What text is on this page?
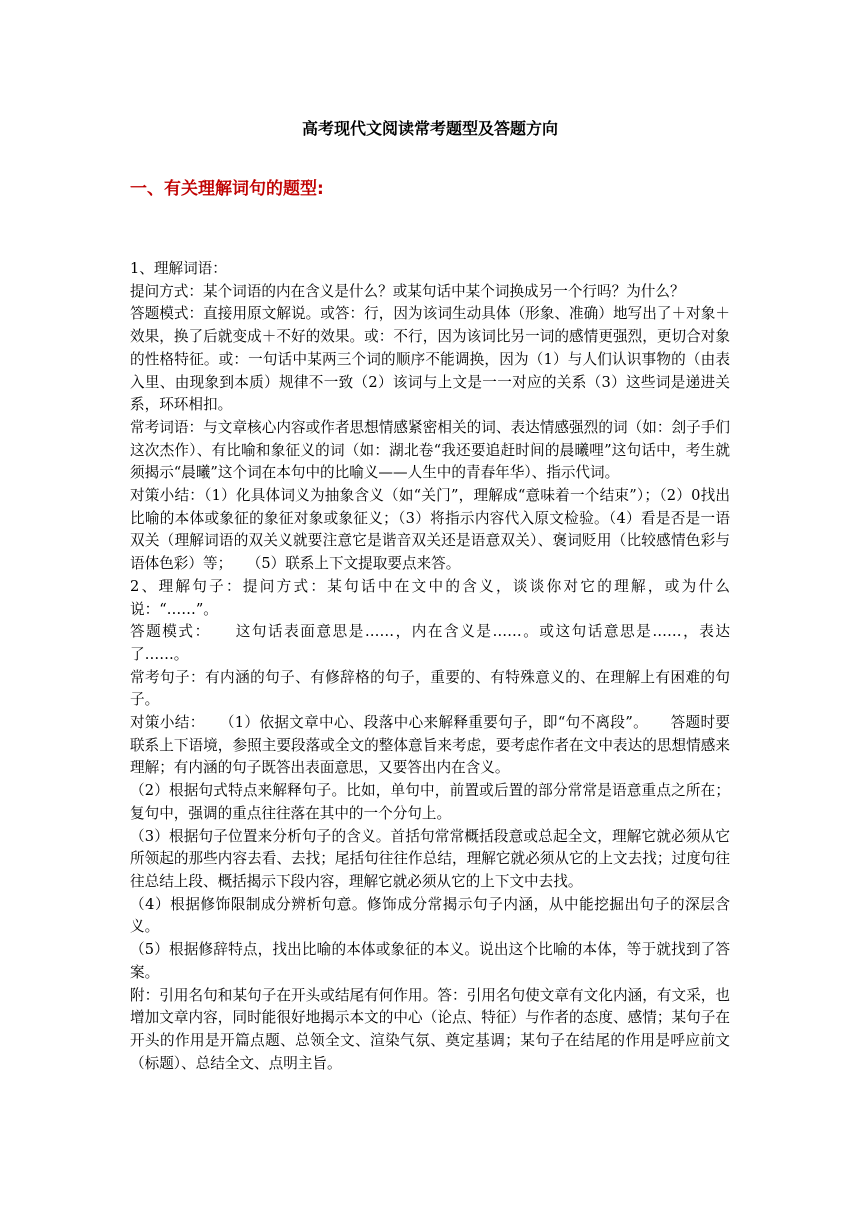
高考现代文阅读常考题型及答题方向
一、有关理解词句的题型:

1、理解词语：

提问方式：某个词语的内在含义是什么？或某句话中某个词换成另一个行吗？为什么？

答题模式：直接用原文解说。或答：行，因为该词生动具体（形象、准确）地写出了＋对象＋效果，换了后就变成＋不好的效果。或：不行，因为该词比另一词的感情更强烈，更切合对象的性格特征。或：一句话中某两三个词的顺序不能调换，因为（1）与人们认识事物的（由表入里、由现象到本质）规律不一致（2）该词与上文是一一对应的关系（3）这些词是递进关系，环环相扣。

常考词语：与文章核心内容或作者思想情感紧密相关的词、表达情感强烈的词（如：刽子手们这次杰作）、有比喻和象征义的词（如：湖北卷“我还要追赶时间的晨曦哩”这句话中，考生就须揭示“晨曦”这个词在本句中的比喻义——人生中的青春年华）、指示代词。

对策小结：（1）化具体词义为抽象含义（如“关门”，理解成“意味着一个结束”）；（2）0找出比喻的本体或象征的象征对象或象征义；（3）将指示内容代入原文检验。（4）看是否是一语双关（理解词语的双关义就要注意它是谐音双关还是语意双关）、褒词贬用（比较感情色彩与语体色彩）等；　　（5）联系上下文提取要点来答。

2、理解句子：提问方式：某句话中在文中的含义，谈谈你对它的理解，或为什么说：“……”。

答题模式：　　这句话表面意思是……，内在含义是……。或这句话意思是……，表达了……。

常考句子：有内涵的句子、有修辞格的句子，重要的、有特殊意义的、在理解上有困难的句子。

对策小结：　　（1）依据文章中心、段落中心来解释重要句子，即“句不离段”。　　答题时要联系上下语境，参照主要段落或全文的整体意旨来考虑，要考虑作者在文中表达的思想情感来理解；有内涵的句子既答出表面意思，又要答出内在含义。

（2）根据句式特点来解释句子。比如，单句中，前置或后置的部分常常是语意重点之所在；复句中，强调的重点往往落在其中的一个分句上。

（3）根据句子位置来分析句子的含义。首括句常常概括段意或总起全文，理解它就必须从它所领起的那些内容去看、去找；尾括句往往作总结，理解它就必须从它的上文去找；过度句往往总结上段、概括揭示下段内容，理解它就必须从它的上下文中去找。

（4）根据修饰限制成分辨析句意。修饰成分常揭示句子内涵，从中能挖掘出句子的深层含义。

（5）根据修辞特点，找出比喻的本体或象征的本义。说出这个比喻的本体，等于就找到了答案。

附：引用名句和某句子在开头或结尾有何作用。答：引用名句使文章有文化内涵，有文采，也增加文章内容，同时能很好地揭示本文的中心（论点、特征）与作者的态度、感情；某句子在开头的作用是开篇点题、总领全文、渲染气氛、奠定基调；某句子在结尾的作用是呼应前文（标题）、总结全文、点明主旨。
